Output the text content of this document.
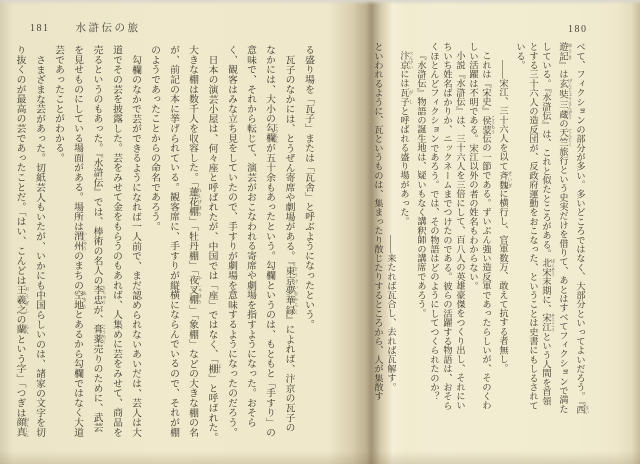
181 水滸伝の旅
る盛り場を「瓦子」または「瓦舎」と呼ぶようになったという。
瓦子のなかには、とうぜん寄席や劇場がある。『東京夢華録 とうけいむかろく』によれば、汴京の瓦子の
なかには、大小の勾欄 こうらんが五十余もあったという。勾欄というのは、もともと「手すり」の
意味で、それから転じて、演芸がおこなわれる寄席や劇場を指すようになった。おそら
く、観客はみな立ち見をしていたので、手すりが劇場を意味するようになったのだろう。
日本の演芸小屋は、何々座と呼ばれたが、中国では「座」ではなく、「棚 ほう」と呼ばれた。
大きな棚は数千人を収容した。「蓮花棚 れんげほう」「牡丹棚」「夜叉棚 やしゃほう」「象棚」などの大きな棚の名
が、前記の本に挙げられている。観客席に、手すりが縦横にならんでいるので、それが棚
のようであったことからの命名であろう。
勾欄のなかで芸ができるようになれば一人前で、まだ認められないあいだは、芸人は大
道でその芸を披露した。芸をみせて金をもらうのもあれば、人集めに芸をみせて、商品を
売るというのもあった。『水滸伝』では、棒術の名人の李忠 りちゅうが、膏薬 こうやく売りのために、武芸
を見せものにしている場面がある。場所は渭州 いしゅうのまちの空地 あきちとあるから勾欄ではなく大道
芸であったことがわかる。
さまざまな芸があった。切紙芸人もいたが、いかにも中国らしいのは、諸家の文字を切
り抜くのが最高の芸であったことだ。「はい、こんどは王羲之 おうぎしの蘭 らんという字」「つぎは顔真 がんしん
180
べて、フィクションの部分が多い。多いどころではなく、大部分といってよいだろう。『西 さい
遊記 ゆうき』は玄奘三蔵 げんじょうさんぞうの天竺 てんじく旅行という史実だけを借りて、あとはすべてフィクションで満た
している。『水滸伝』は、これと似たところがある。北宋 ほくそう末期に、宋江 そうこうという人間を首領
とする三十六人の造反団が、反政府運動をおこなった、ということは史書にもしるされて
いる。
――宋江、三十六人を以て斉魏 せいぎに横行し、官軍数万、敢えて抗する者無し。
これは『宋史』侯蒙 こうもう伝の一節である。ずいぶん強い造反軍であったらしいが、そのくわ
しい活躍は不明である。宋江以外の者の姓名もわからない。
小説『水滸伝』は、三十六人を三倍にして、百八人の英雄豪傑をつくり出し、それにい
ちいち姓名ばかりか、ニックネームまでつけたのである。彼らの活躍する物語は、おそら
くほとんどフィクションであろう。では、その物語はどのようにしてつくられたのか？
『水滸伝』物語の誕生地は、疑いもなく講釈師の講席であろう。
汴京 べんけいには瓦子 がしと呼ばれる盛り場があった。
――来たれば瓦合し、去れば瓦解す。
といわれるように、瓦というものは、集まったり散じたりするところから、人が集散す
